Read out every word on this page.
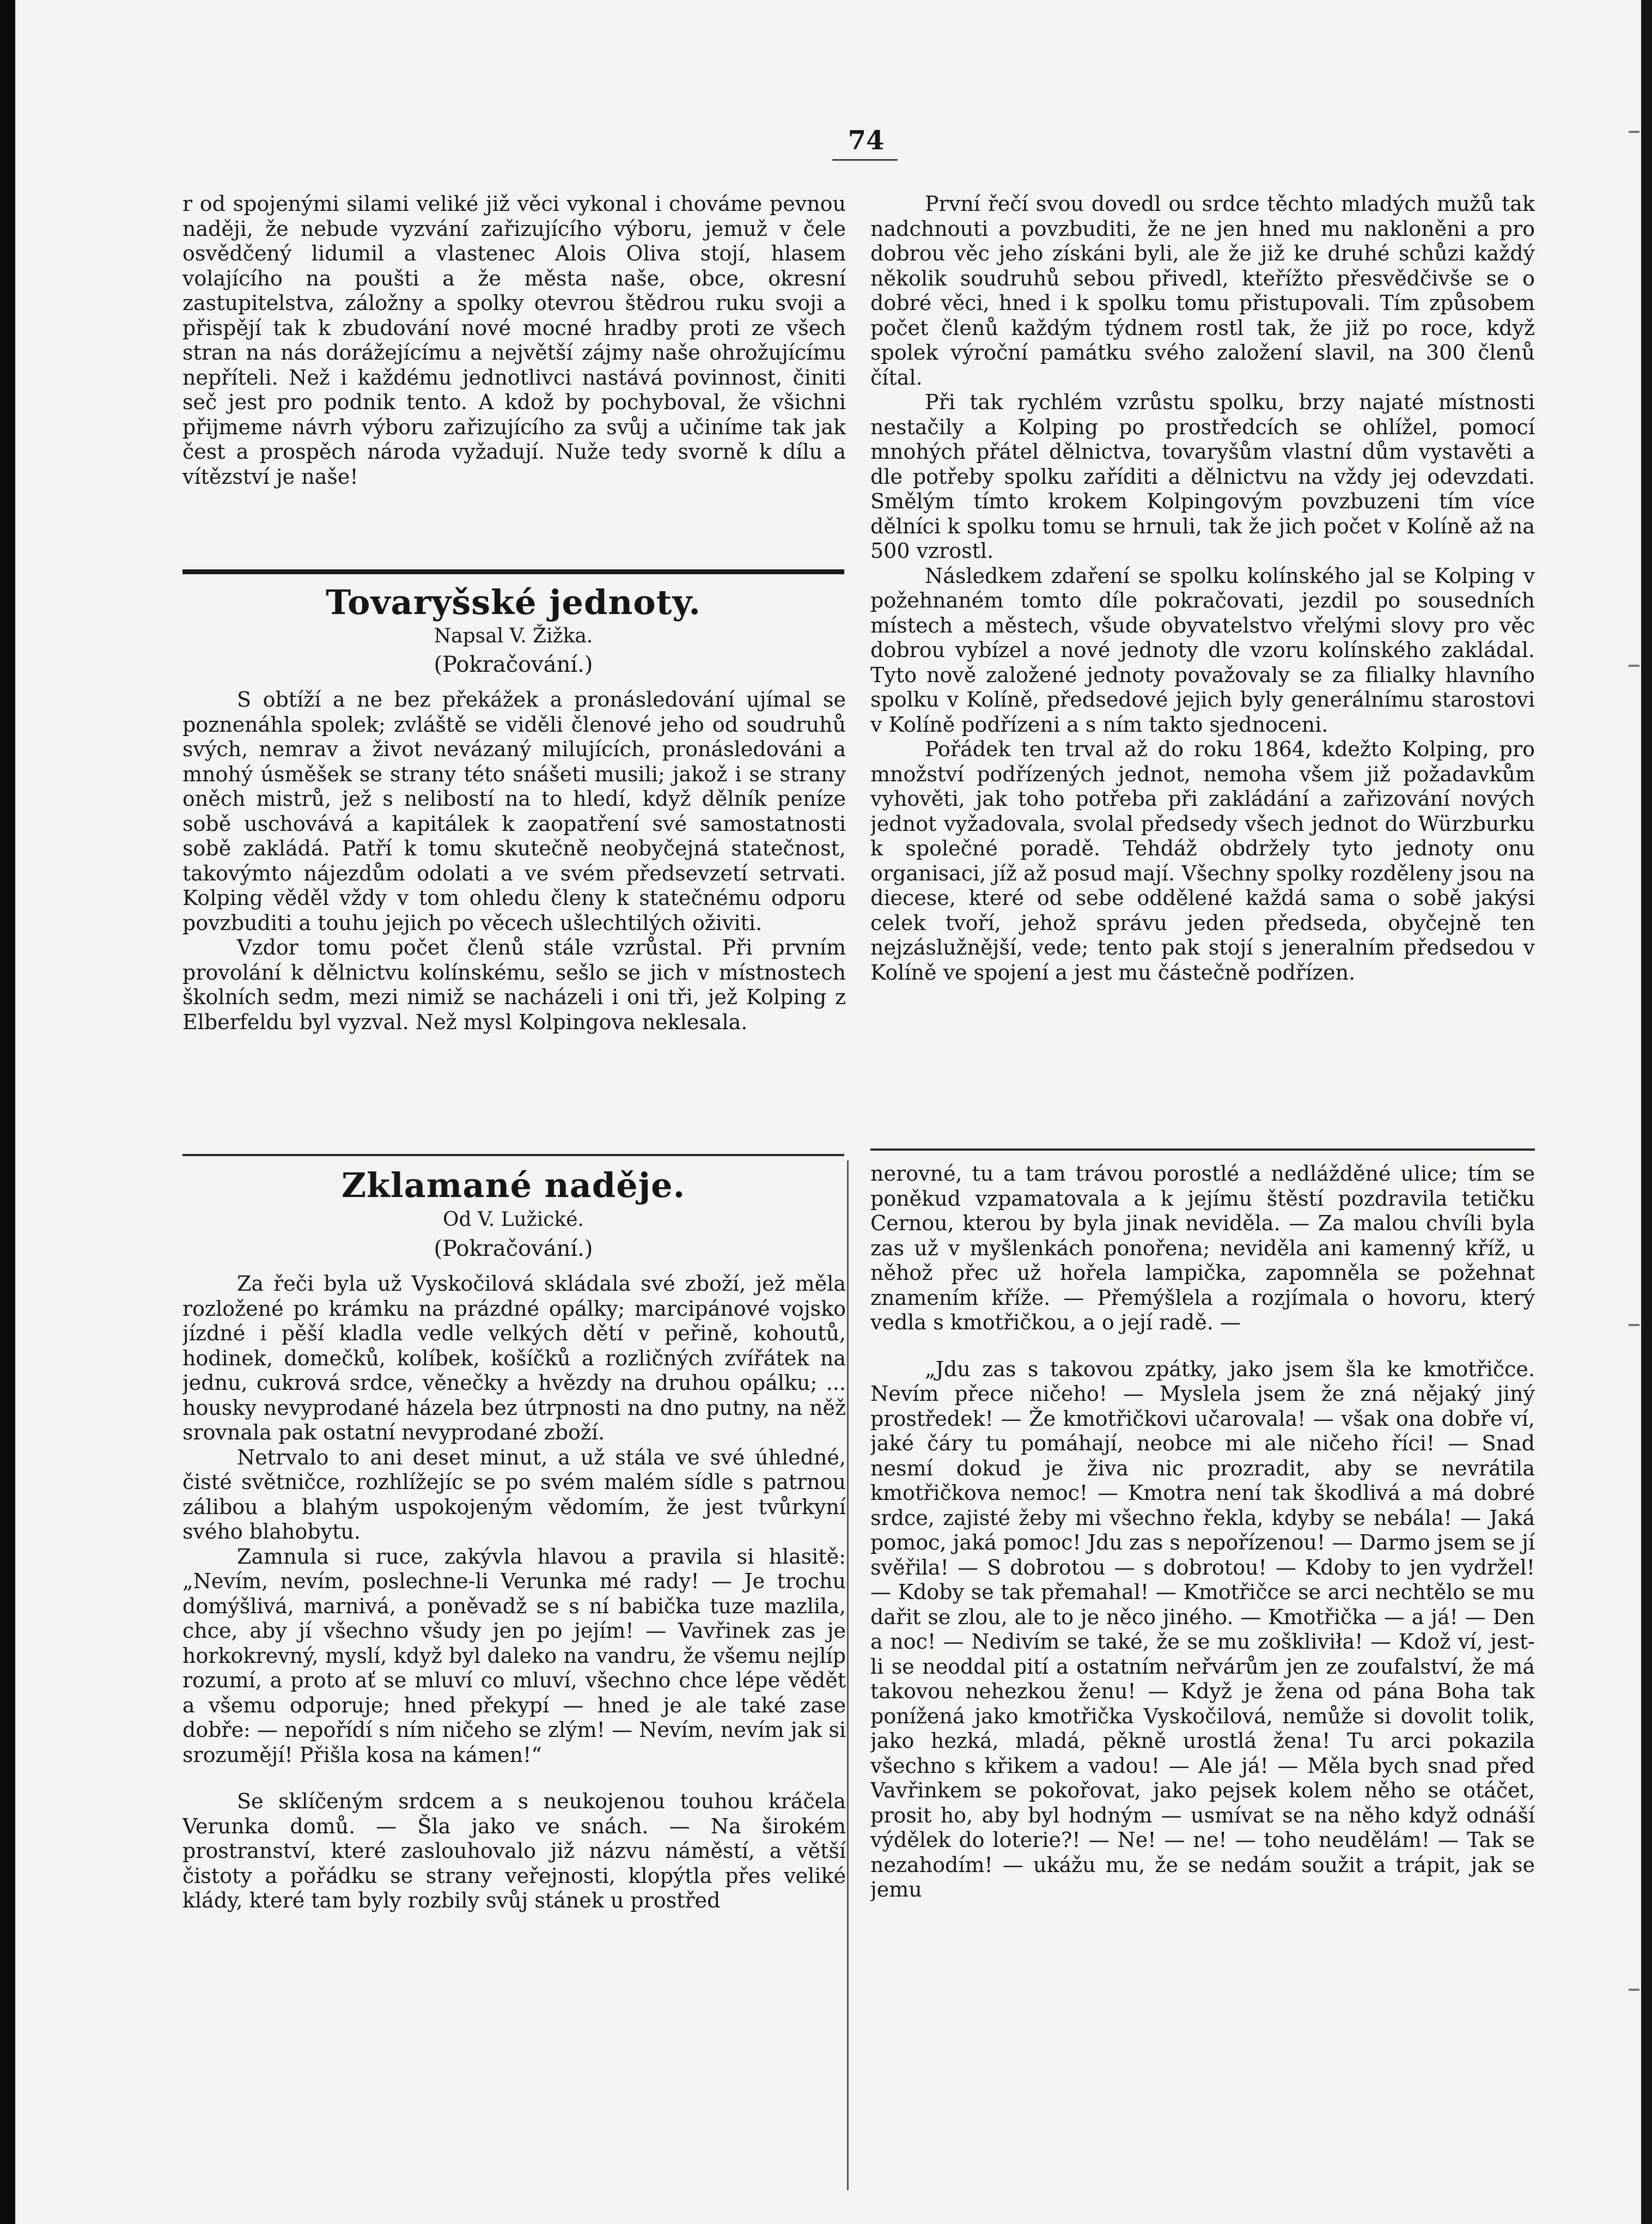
74

r od spojenými silami veliké již věci vykonal i chováme pevnou naději, že nebude vyzvání zařizujícího výboru, jemuž v čele osvědčený lidumil a vlastenec Alois Oliva stojí, hlasem volajícího na poušti a že města naše, obce, okresní zastupitelstva, záložny a spolky otevrou štědrou ruku svoji a přispějí tak k zbudování nové mocné hradby proti ze všech stran na nás dorážejícímu a největší zájmy naše ohrožujícímu nepříteli. Než i každému jednotlivci nastává povinnost, činiti seč jest pro podnik tento. A kdož by pochyboval, že všichni přijmeme návrh výboru zařizujícího za svůj a učiníme tak jak čest a prospěch národa vyžadují. Nuže tedy svorně k dílu a vítězství je naše!

Tovaryšské jednoty.

Napsal V. Žižka.

(Pokračování.)

S obtíží a ne bez překážek a pronásledování ujímal se poznenáhla spolek; zvláště se viděli členové jeho od soudruhů svých, nemrav a život nevázaný milujících, pronásledováni a mnohý úsměšek se strany této snášeti musili; jakož i se strany oněch mistrů, jež s nelibostí na to hledí, když dělník peníze sobě uschovává a kapitálek k zaopatření své samostatnosti sobě zakládá. Patří k tomu skutečně neobyčejná statečnost, takovýmto nájezdům odolati a ve svém předsevzetí setrvati. Kolping věděl vždy v tom ohledu členy k statečnému odporu povzbuditi a touhu jejich po věcech ušlechtilých oživiti.

Vzdor tomu počet členů stále vzrůstal. Při prvním provolání k dělnictvu kolínskému, sešlo se jich v místnostech školních sedm, mezi nimiž se nacházeli i oni tři, jež Kolping z Elberfeldu byl vyzval. Než mysl Kolpingova neklesala.

První řečí svou dovedl ou srdce těchto mladých mužů tak nadchnouti a povzbuditi, že ne jen hned mu nakloněni a pro dobrou věc jeho získáni byli, ale že již ke druhé schůzi každý několik soudruhů sebou přivedl, kteřížto přesvědčivše se o dobré věci, hned i k spolku tomu přistupovali. Tím způsobem počet členů každým týdnem rostl tak, že již po roce, když spolek výroční památku svého založení slavil, na 300 členů čítal.

Při tak rychlém vzrůstu spolku, brzy najaté místnosti nestačily a Kolping po prostředcích se ohlížel, pomocí mnohých přátel dělnictva, tovaryšům vlastní dům vystavěti a dle potřeby spolku zaříditi a dělnictvu na vždy jej odevzdati. Smělým tímto krokem Kolpingovým povzbuzeni tím více dělníci k spolku tomu se hrnuli, tak že jich počet v Kolíně až na 500 vzrostl.

Následkem zdaření se spolku kolínského jal se Kolping v požehnaném tomto díle pokračovati, jezdil po sousedních místech a městech, všude obyvatelstvo vřelými slovy pro věc dobrou vybízel a nové jednoty dle vzoru kolínského zakládal. Tyto nově založené jednoty považovaly se za filialky hlavního spolku v Kolíně, předsedové jejich byly generálnímu starostovi v Kolíně podřízeni a s ním takto sjednoceni.

Pořádek ten trval až do roku 1864, kdežto Kolping, pro množství podřízených jednot, nemoha všem již požadavkům vyhověti, jak toho potřeba při zakládání a zařizování nových jednot vyžadovala, svolal předsedy všech jednot do Würzburku k společné poradě. Tehdáž obdržely tyto jednoty onu organisaci, jíž až posud mají. Všechny spolky rozděleny jsou na diecese, které od sebe oddělené každá sama o sobě jakýsi celek tvoří, jehož správu jeden předseda, obyčejně ten nejzáslužnější, vede; tento pak stojí s jeneralním předsedou v Kolíně ve spojení a jest mu částečně podřízen.

Zklamané naděje.

Od V. Lužické.

(Pokračování.)

Za řeči byla už Vyskočilová skládala své zboží, jež měla rozložené po krámku na prázdné opálky; marcipánové vojsko jízdné i pěší kladla vedle velkých dětí v peřině, kohoutů, hodinek, domečků, kolíbek, košíčků a rozličných zvířátek na jednu, cukrová srdce, věnečky a hvězdy na druhou opálku; ... housky nevyprodané házela bez útrpnosti na dno putny, na něž srovnala pak ostatní nevyprodané zboží.

Netrvalo to ani deset minut, a už stála ve své úhledné, čisté světničce, rozhlížejíc se po svém malém sídle s patrnou zálibou a blahým uspokojeným vědomím, že jest tvůrkyní svého blahobytu.

Zamnula si ruce, zakývla hlavou a pravila si hlasitě: „Nevím, nevím, poslechne-li Verunka mé rady! — Je trochu domýšlivá, marnivá, a poněvadž se s ní babička tuze mazlila, chce, aby jí všechno všudy jen po jejím! — Vavřinek zas je horkokrevný, myslí, když byl daleko na vandru, že všemu nejlíp rozumí, a proto ať se mluví co mluví, všechno chce lépe vědět a všemu odporuje; hned překypí — hned je ale také zase dobře: — nepořídí s ním ničeho se zlým! — Nevím, nevím jak si srozumějí! Přišla kosa na kámen!“

Se sklíčeným srdcem a s neukojenou touhou kráčela Verunka domů. — Šla jako ve snách. — Na širokém prostranství, které zaslouhovalo již názvu náměstí, a větší čistoty a pořádku se strany veřejnosti, klopýtla přes veliké klády, které tam byly rozbily svůj stánek u prostřed

nerovné, tu a tam trávou porostlé a nedlážděné ulice; tím se poněkud vzpamatovala a k jejímu štěstí pozdravila tetičku Cernou, kterou by byla jinak neviděla. — Za malou chvíli byla zas už v myšlenkách ponořena; neviděla ani kamenný kříž, u něhož přec už hořela lampička, zapomněla se požehnat znamením kříže. — Přemýšlela a rozjímala o hovoru, který vedla s kmotřičkou, a o její radě. —

„Jdu zas s takovou zpátky, jako jsem šla ke kmotřičce. Nevím přece ničeho! — Myslela jsem že zná nějaký jiný prostředek! — Že kmotřičkovi učarovala! — však ona dobře ví, jaké čáry tu pomáhají, neobce mi ale ničeho říci! — Snad nesmí dokud je živa nic prozradit, aby se nevrátila kmotřičkova nemoc! — Kmotra není tak škodlivá a má dobré srdce, zajisté žeby mi všechno řekla, kdyby se nebála! — Jaká pomoc, jaká pomoc! Jdu zas s nepořízenou! — Darmo jsem se jí svěřila! — S dobrotou — s dobrotou! — Kdoby to jen vydržel! — Kdoby se tak přemahal! — Kmotřičce se arci nechtělo se mu dařit se zlou, ale to je něco jiného. — Kmotřička — a já! — Den a noc! — Nedivím se také, že se mu zoškliviła! — Kdož ví, jest-li se neoddal pití a ostatním neřvárům jen ze zoufalství, že má takovou nehezkou ženu! — Když je žena od pána Boha tak ponížená jako kmotřička Vyskočilová, nemůže si dovolit tolik, jako hezká, mladá, pěkně urostlá žena! Tu arci pokazila všechno s křikem a vadou! — Ale já! — Měla bych snad před Vavřinkem se pokořovat, jako pejsek kolem něho se otáčet, prosit ho, aby byl hodným — usmívat se na něho když odnáší výdělek do loterie?! — Ne! — ne! — toho neudělám! — Tak se nezahodím! — ukážu mu, že se nedám soužit a trápit, jak se jemu
